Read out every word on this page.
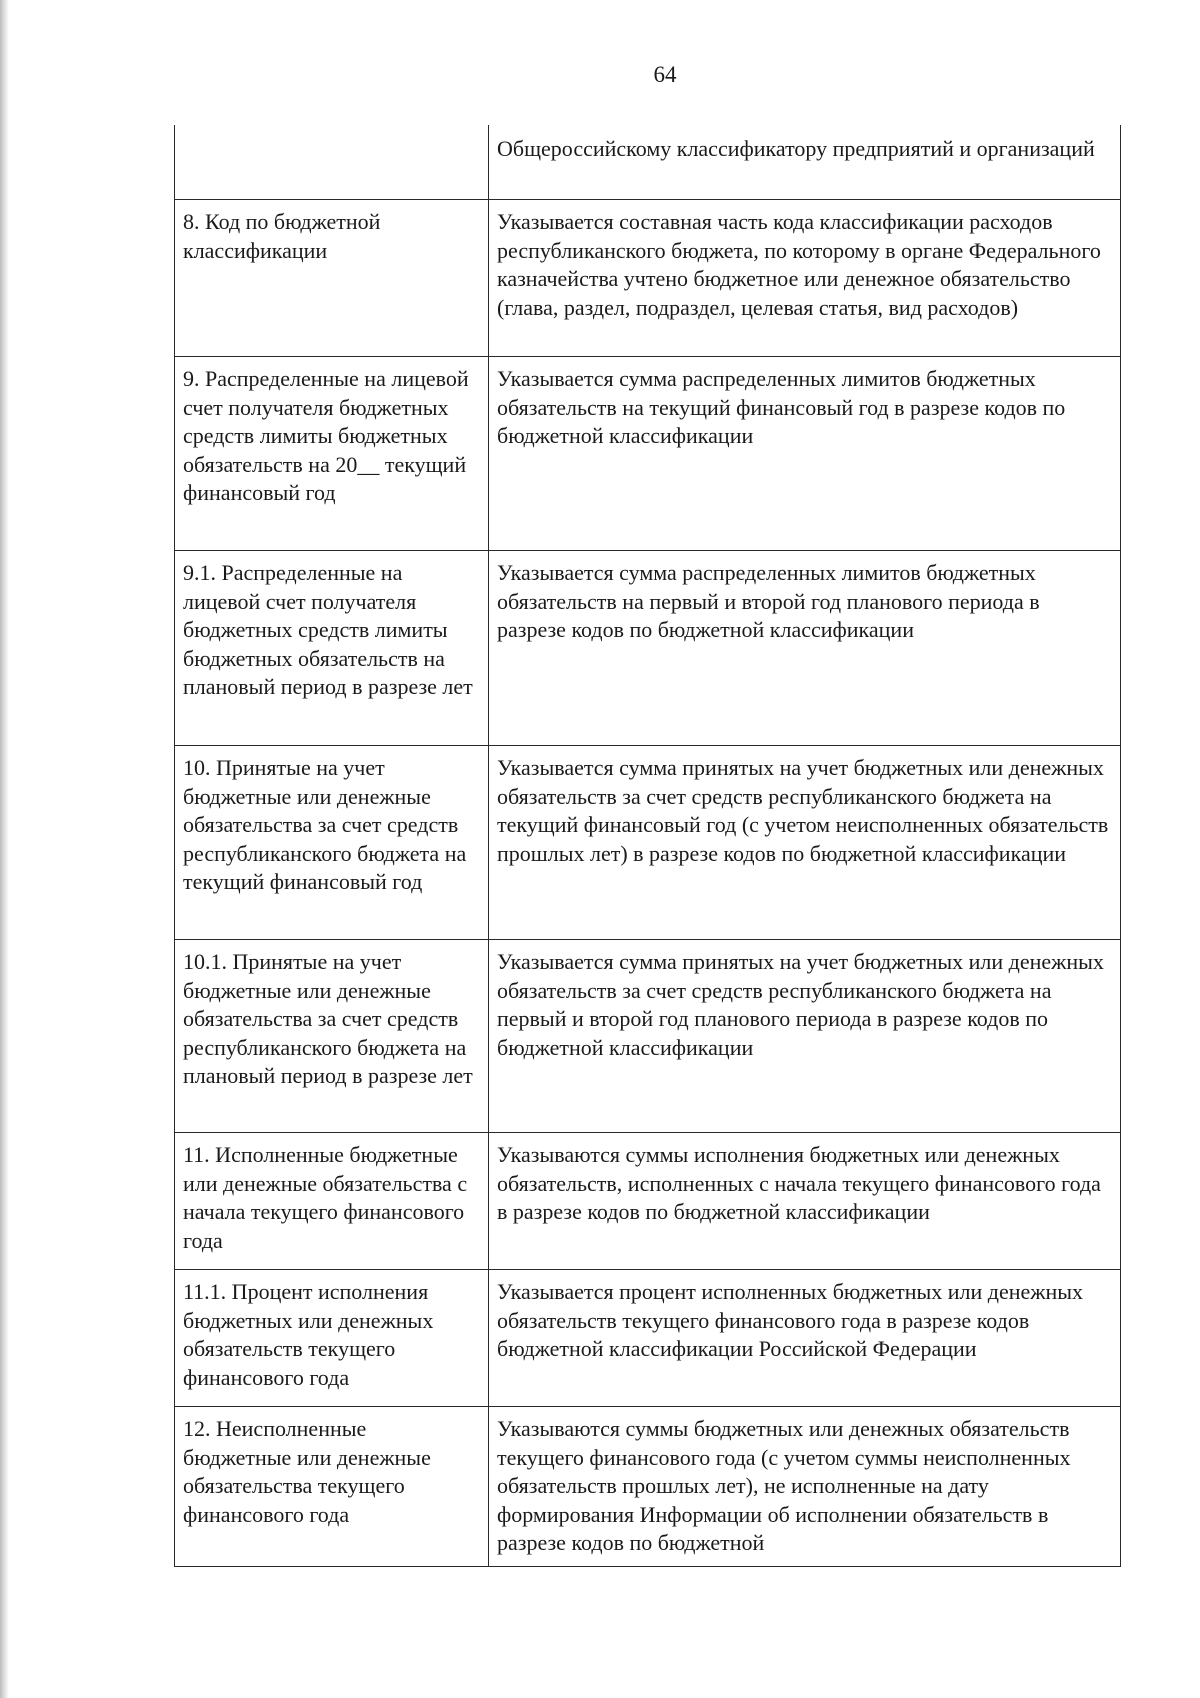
64

	Общероссийскому классификатору предприятий и организаций
8. Код по бюджетной классификации	Указывается составная часть кода классификации расходов республиканского бюджета, по которому в органе Федерального казначейства учтено бюджетное или денежное обязательство (глава, раздел, подраздел, целевая статья, вид расходов)
9. Распределенные на лицевой счет получателя бюджетных средств лимиты бюджетных обязательств на 20__ текущий финансовый год	Указывается сумма распределенных лимитов бюджетных обязательств на текущий финансовый год в разрезе кодов по бюджетной классификации
9.1. Распределенные на лицевой счет получателя бюджетных средств лимиты бюджетных обязательств на плановый период в разрезе лет	Указывается сумма распределенных лимитов бюджетных обязательств на первый и второй год планового периода в разрезе кодов по бюджетной классификации
10. Принятые на учет бюджетные или денежные обязательства за счет средств республиканского бюджета на текущий финансовый год	Указывается сумма принятых на учет бюджетных или денежных обязательств за счет средств республиканского бюджета на текущий финансовый год (с учетом неисполненных обязательств прошлых лет) в разрезе кодов по бюджетной классификации
10.1. Принятые на учет бюджетные или денежные обязательства за счет средств республиканского бюджета на плановый период в разрезе лет	Указывается сумма принятых на учет бюджетных или денежных обязательств за счет средств республиканского бюджета на первый и второй год планового периода в разрезе кодов по бюджетной классификации
11. Исполненные бюджетные или денежные обязательства с начала текущего финансового года	Указываются суммы исполнения бюджетных или денежных обязательств, исполненных с начала текущего финансового года в разрезе кодов по бюджетной классификации
11.1. Процент исполнения бюджетных или денежных обязательств текущего финансового года	Указывается процент исполненных бюджетных или денежных обязательств текущего финансового года в разрезе кодов бюджетной классификации Российской Федерации
12. Неисполненные бюджетные или денежные обязательства текущего финансового года	Указываются суммы бюджетных или денежных обязательств текущего финансового года (с учетом суммы неисполненных обязательств прошлых лет), не исполненные на дату формирования Информации об исполнении обязательств в разрезе кодов по бюджетной
